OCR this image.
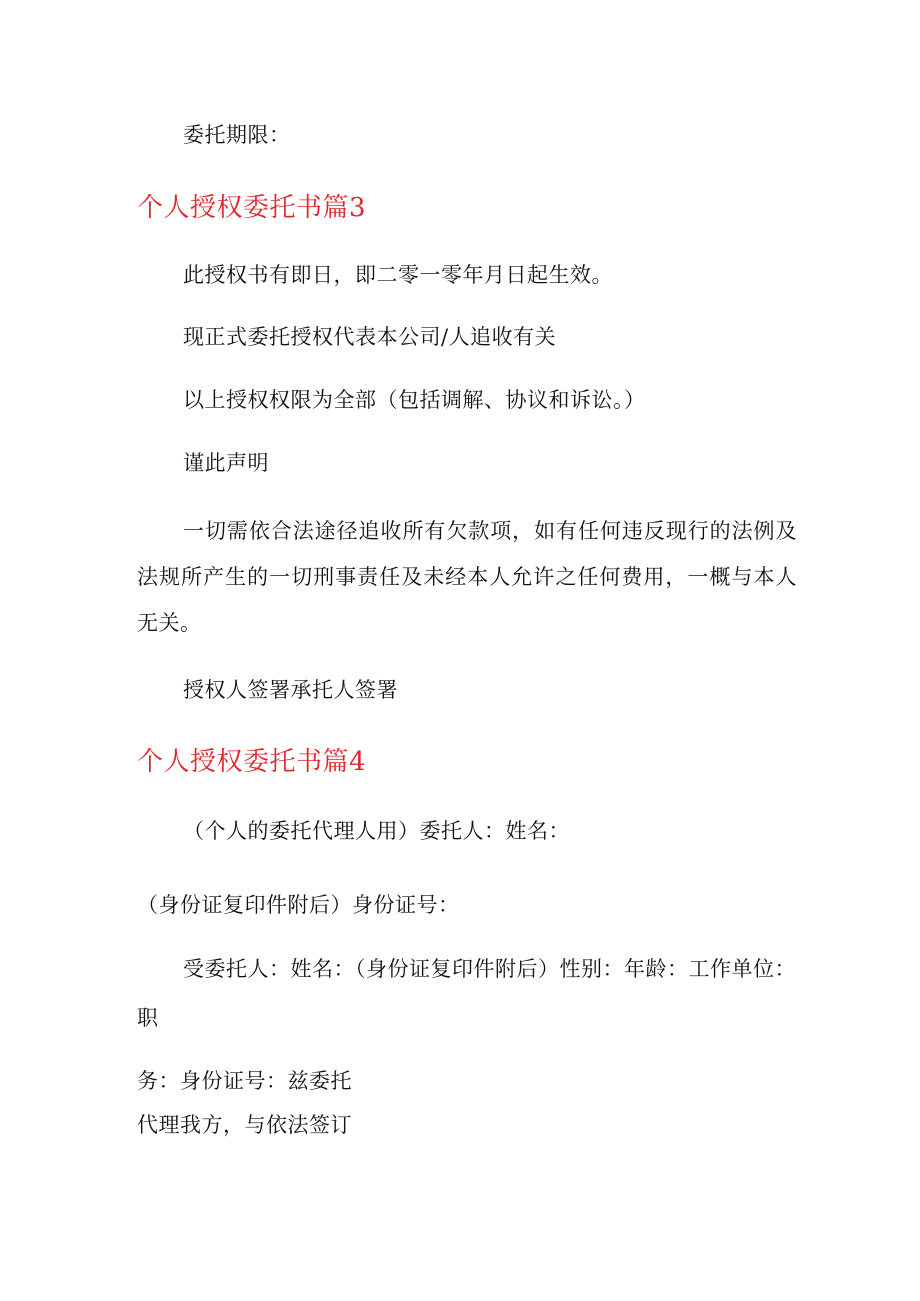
委托期限：
个人授权委托书篇3
此授权书有即日，即二零一零年月日起生效。
现正式委托授权代表本公司/人追收有关
以上授权权限为全部（包括调解、协议和诉讼。）
谨此声明
一切需依合法途径追收所有欠款项，如有任何违反现行的法例及法规所产生的一切刑事责任及未经本人允许之任何费用，一概与本人无关。
授权人签署承托人签署
个人授权委托书篇4
（个人的委托代理人用）委托人：姓名：
（身份证复印件附后）身份证号：
受委托人：姓名：（身份证复印件附后）性别：年龄：工作单位：
职
务：身份证号：兹委托
代理我方，与依法签订
